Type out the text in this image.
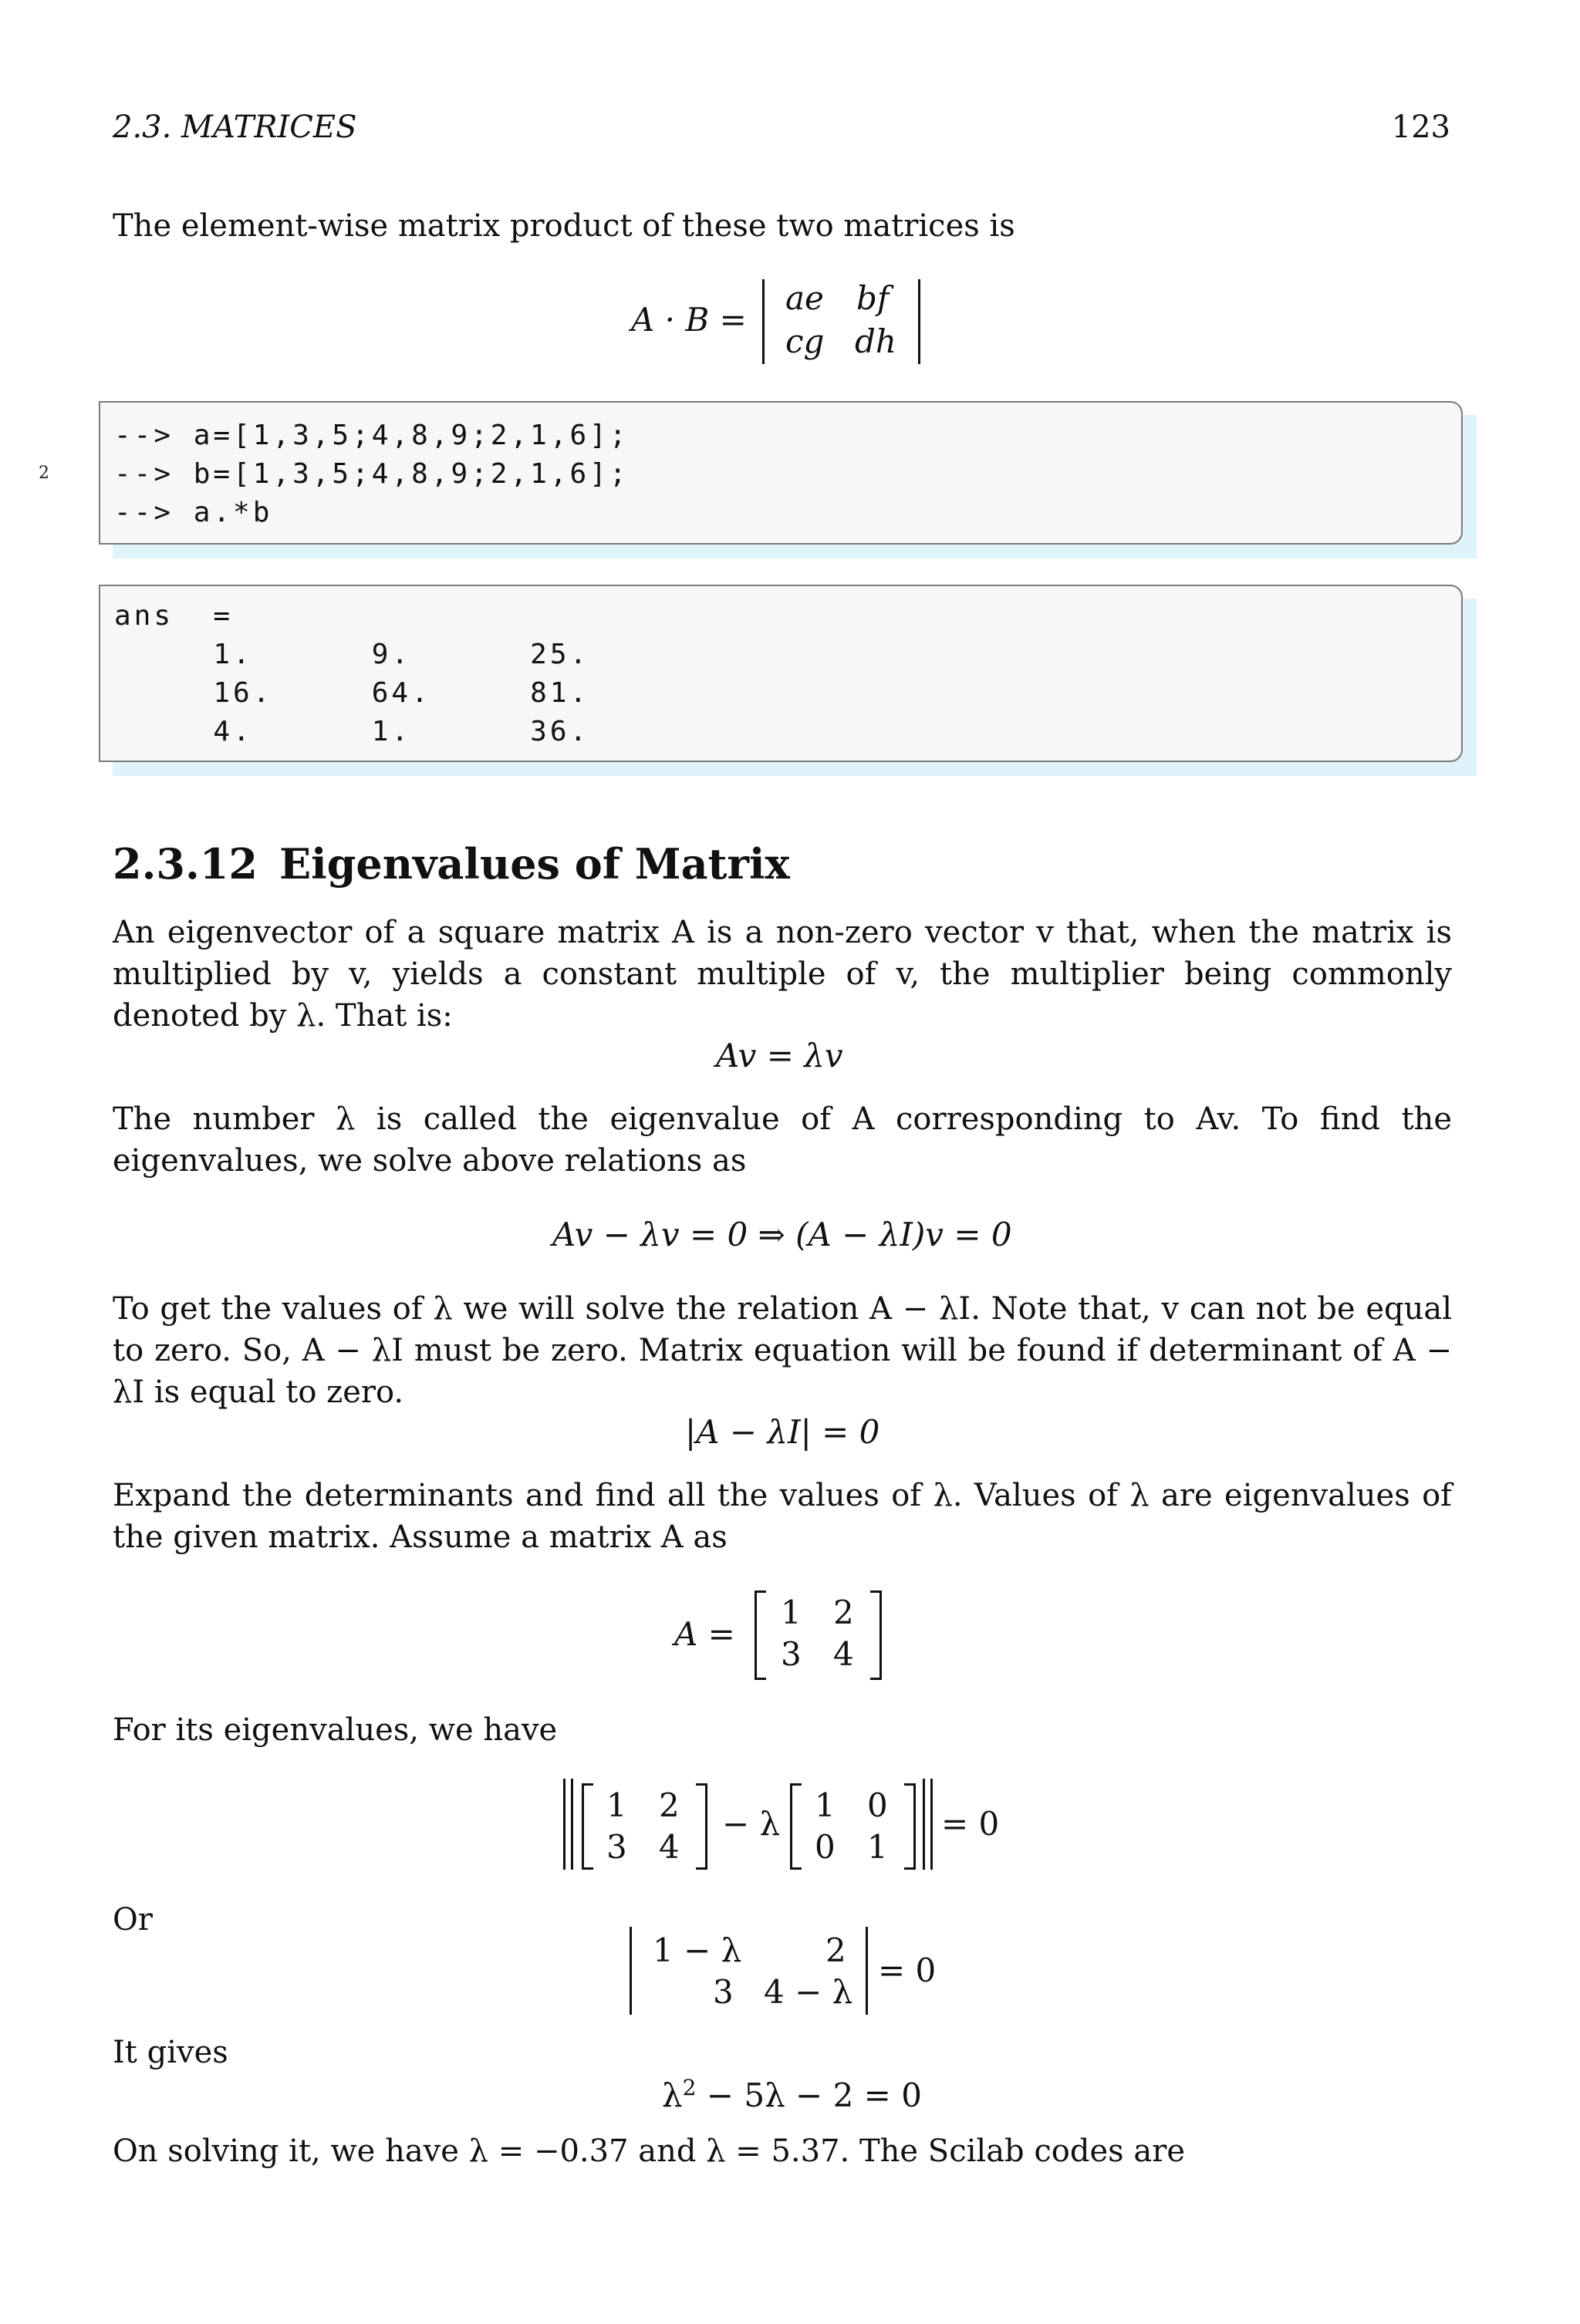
2.3. MATRICES	123
The element-wise matrix product of these two matrices is
A · B =
ae bf
cg dh
--> a=[1,3,5;4,8,9;2,1,6];
--> b=[1,3,5;4,8,9;2,1,6];
--> a.*b
2
ans  =
1.      9.      25.
16.     64.     81.
4.      1.      36.
2.3.12 Eigenvalues of Matrix
An eigenvector of a square matrix A is a non-zero vector v that, when the matrix is multiplied by v, yields a constant multiple of v, the multiplier being commonly denoted by λ. That is:
Av = λv
The number λ is called the eigenvalue of A corresponding to Av. To find the eigenvalues, we solve above relations as
Av − λv = 0 ⇒ (A − λI)v = 0
To get the values of λ we will solve the relation A − λI. Note that, v can not be equal to zero. So, A − λI must be zero. Matrix equation will be found if determinant of A − λI is equal to zero.
|A − λI| = 0
Expand the determinants and find all the values of λ. Values of λ are eigenvalues of the given matrix. Assume a matrix A as
A =
1 2
3 4
For its eigenvalues, we have
1 2
3 4
− λ 1 0
0 1
= 0
Or
1 − λ	2
3 4 − λ
= 0
It gives
$\lambda^2 - 5\lambda - 2 = 0$
On solving it, we have λ = −0.37 and λ = 5.37. The Scilab codes are
